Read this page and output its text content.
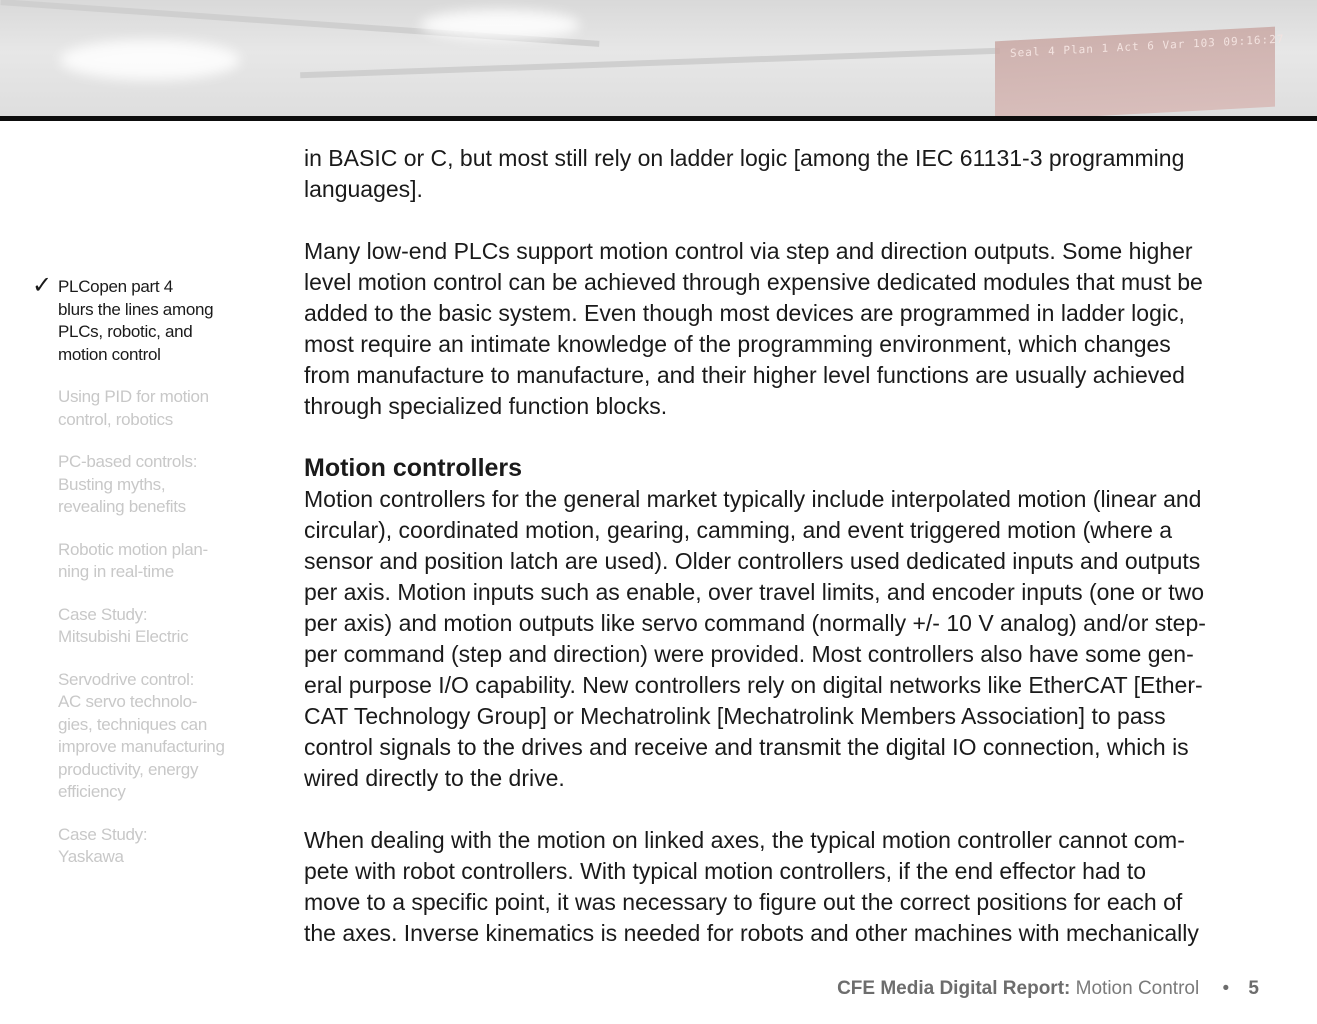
Seal 4 Plan 1 Act 6 Var 103 09:16:27
✓ PLCopen part 4
blurs the lines among
PLCs, robotic, and
motion control
Using PID for motion
control, robotics
PC-based controls:
Busting myths,
revealing benefits
Robotic motion plan-
ning in real-time
Case Study:
Mitsubishi Electric
Servodrive control:
AC servo technolo-
gies, techniques can
improve manufacturing
productivity, energy
efficiency
Case Study:
Yaskawa

in BASIC or C, but most still rely on ladder logic [among the IEC 61131-3 programming
languages].

Many low-end PLCs support motion control via step and direction outputs. Some higher
level motion control can be achieved through expensive dedicated modules that must be
added to the basic system. Even though most devices are programmed in ladder logic,
most require an intimate knowledge of the programming environment, which changes
from manufacture to manufacture, and their higher level functions are usually achieved
through specialized function blocks.

Motion controllers

Motion controllers for the general market typically include interpolated motion (linear and
circular), coordinated motion, gearing, camming, and event triggered motion (where a
sensor and position latch are used). Older controllers used dedicated inputs and outputs
per axis. Motion inputs such as enable, over travel limits, and encoder inputs (one or two
per axis) and motion outputs like servo command (normally +/- 10 V analog) and/or step-
per command (step and direction) were provided. Most controllers also have some gen-
eral purpose I/O capability. New controllers rely on digital networks like EtherCAT [Ether-
CAT Technology Group] or Mechatrolink [Mechatrolink Members Association] to pass
control signals to the drives and receive and transmit the digital IO connection, which is
wired directly to the drive.

When dealing with the motion on linked axes, the typical motion controller cannot com-
pete with robot controllers. With typical motion controllers, if the end effector had to
move to a specific point, it was necessary to figure out the correct positions for each of
the axes. Inverse kinematics is needed for robots and other machines with mechanically

CFE Media Digital Report: Motion Control • 5
